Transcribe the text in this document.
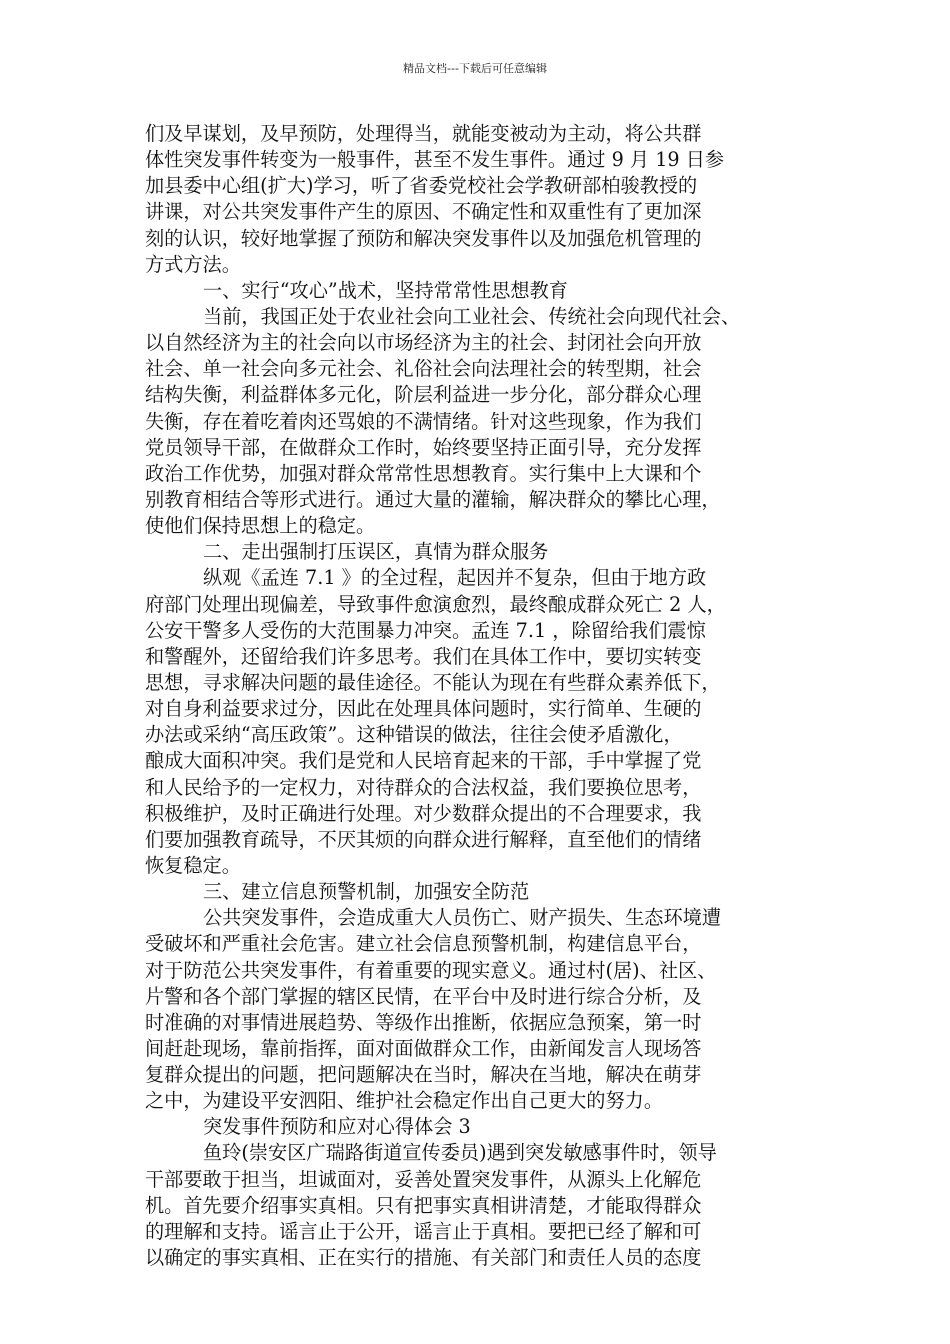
精品文档---下载后可任意编辑
们及早谋划，及早预防，处理得当，就能变被动为主动，将公共群
体性突发事件转变为一般事件，甚至不发生事件。通过 9 月 19 日参
加县委中心组(扩大)学习，听了省委党校社会学教研部柏骏教授的
讲课，对公共突发事件产生的原因、不确定性和双重性有了更加深
刻的认识，较好地掌握了预防和解决突发事件以及加强危机管理的
方式方法。
一、实行“攻心”战术，坚持常常性思想教育
当前，我国正处于农业社会向工业社会、传统社会向现代社会、
以自然经济为主的社会向以市场经济为主的社会、封闭社会向开放
社会、单一社会向多元社会、礼俗社会向法理社会的转型期，社会
结构失衡，利益群体多元化，阶层利益进一步分化，部分群众心理
失衡，存在着吃着肉还骂娘的不满情绪。针对这些现象，作为我们
党员领导干部，在做群众工作时，始终要坚持正面引导，充分发挥
政治工作优势，加强对群众常常性思想教育。实行集中上大课和个
别教育相结合等形式进行。通过大量的灌输，解决群众的攀比心理，
使他们保持思想上的稳定。
二、走出强制打压误区，真情为群众服务
纵观《孟连 7.1 》的全过程，起因并不复杂，但由于地方政
府部门处理出现偏差，导致事件愈演愈烈，最终酿成群众死亡 2 人，
公安干警多人受伤的大范围暴力冲突。孟连 7.1 ，除留给我们震惊
和警醒外，还留给我们许多思考。我们在具体工作中，要切实转变
思想，寻求解决问题的最佳途径。不能认为现在有些群众素养低下，
对自身利益要求过分，因此在处理具体问题时，实行简单、生硬的
办法或采纳“高压政策”。这种错误的做法，往往会使矛盾激化，
酿成大面积冲突。我们是党和人民培育起来的干部，手中掌握了党
和人民给予的一定权力，对待群众的合法权益，我们要换位思考，
积极维护，及时正确进行处理。对少数群众提出的不合理要求，我
们要加强教育疏导，不厌其烦的向群众进行解释，直至他们的情绪
恢复稳定。
三、建立信息预警机制，加强安全防范
公共突发事件，会造成重大人员伤亡、财产损失、生态环境遭
受破坏和严重社会危害。建立社会信息预警机制，构建信息平台，
对于防范公共突发事件，有着重要的现实意义。通过村(居)、社区、
片警和各个部门掌握的辖区民情，在平台中及时进行综合分析，及
时准确的对事情进展趋势、等级作出推断，依据应急预案，第一时
间赶赴现场，靠前指挥，面对面做群众工作，由新闻发言人现场答
复群众提出的问题，把问题解决在当时，解决在当地，解决在萌芽
之中，为建设平安泗阳、维护社会稳定作出自己更大的努力。
突发事件预防和应对心得体会 3
鱼玲(崇安区广瑞路街道宣传委员)遇到突发敏感事件时，领导
干部要敢于担当，坦诚面对，妥善处置突发事件，从源头上化解危
机。首先要介绍事实真相。只有把事实真相讲清楚，才能取得群众
的理解和支持。谣言止于公开，谣言止于真相。要把已经了解和可
以确定的事实真相、正在实行的措施、有关部门和责任人员的态度
